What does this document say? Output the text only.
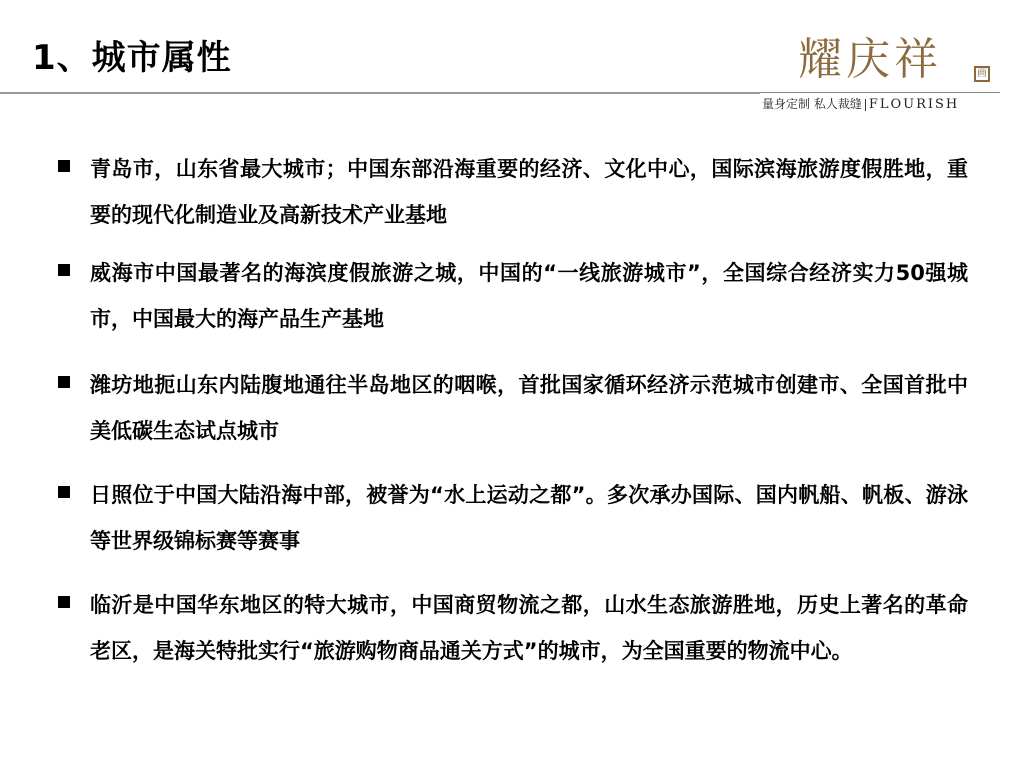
1、城市属性	耀庆祥	画
量身定制 私人裁缝 FLOURISH
青岛市，山东省最大城市；中国东部沿海重要的经济、文化中心，国际滨海旅游度假胜地，重要的现代化制造业及高新技术产业基地
威海市中国最著名的海滨度假旅游之城，中国的“一线旅游城市”，全国综合经济实力50强城市，中国最大的海产品生产基地
潍坊地扼山东内陆腹地通往半岛地区的咽喉，首批国家循环经济示范城市创建市、全国首批中美低碳生态试点城市
日照位于中国大陆沿海中部，被誉为“水上运动之都”。多次承办国际、国内帆船、帆板、游泳等世界级锦标赛等赛事
临沂是中国华东地区的特大城市，中国商贸物流之都，山水生态旅游胜地，历史上著名的革命老区，是海关特批实行“旅游购物商品通关方式”的城市，为全国重要的物流中心。
